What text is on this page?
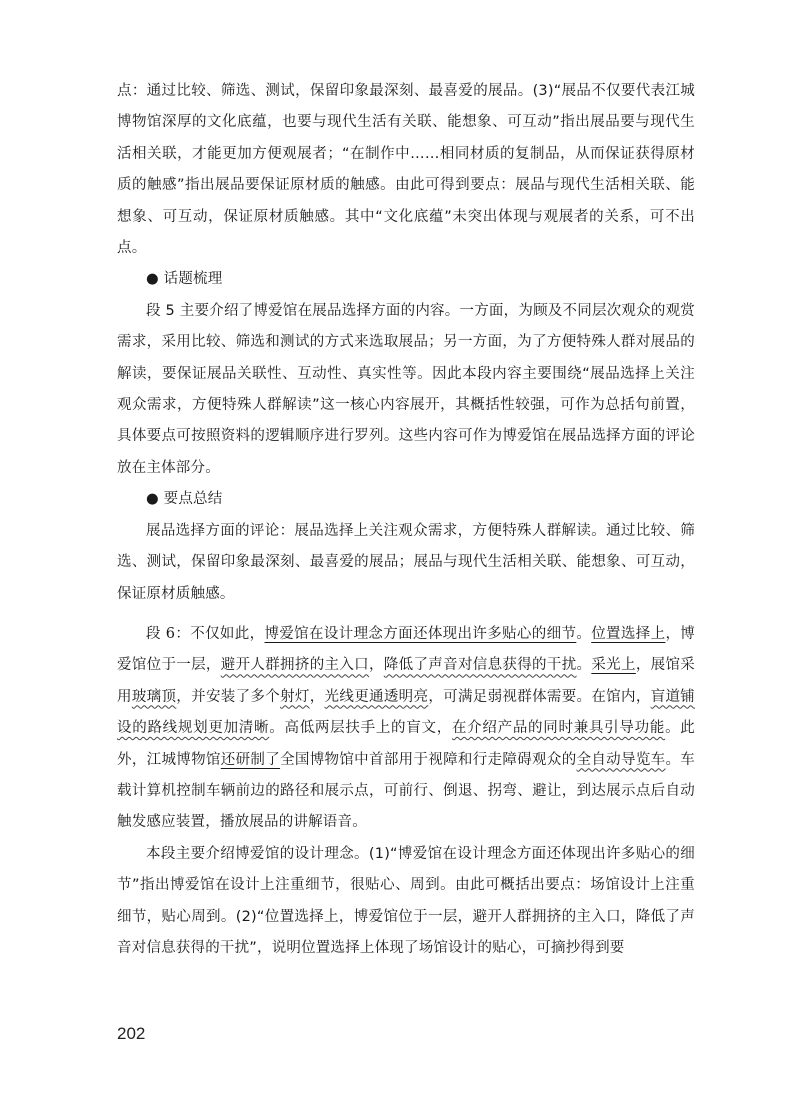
点：通过比较、筛选、测试，保留印象最深刻、最喜爱的展品。(3)“展品不仅要代表江城博物馆深厚的文化底蕴，也要与现代生活有关联、能想象、可互动”指出展品要与现代生活相关联，才能更加方便观展者；“在制作中……相同材质的复制品，从而保证获得原材质的触感”指出展品要保证原材质的触感。由此可得到要点：展品与现代生活相关联、能想象、可互动，保证原材质触感。其中“文化底蕴”未突出体现与观展者的关系，可不出点。

● 话题梳理

段 5 主要介绍了博爱馆在展品选择方面的内容。一方面，为顾及不同层次观众的观赏需求，采用比较、筛选和测试的方式来选取展品；另一方面，为了方便特殊人群对展品的解读，要保证展品关联性、互动性、真实性等。因此本段内容主要围绕“展品选择上关注观众需求，方便特殊人群解读”这一核心内容展开，其概括性较强，可作为总括句前置，具体要点可按照资料的逻辑顺序进行罗列。这些内容可作为博爱馆在展品选择方面的评论放在主体部分。

● 要点总结

展品选择方面的评论：展品选择上关注观众需求，方便特殊人群解读。通过比较、筛选、测试，保留印象最深刻、最喜爱的展品；展品与现代生活相关联、能想象、可互动，保证原材质触感。

段 6：不仅如此，博爱馆在设计理念方面还体现出许多贴心的细节。位置选择上，博爱馆位于一层，避开人群拥挤的主入口，降低了声音对信息获得的干扰。采光上，展馆采用玻璃顶，并安装了多个射灯，光线更通透明亮，可满足弱视群体需要。在馆内，盲道铺设的路线规划更加清晰。高低两层扶手上的盲文，在介绍产品的同时兼具引导功能。此外，江城博物馆还研制了全国博物馆中首部用于视障和行走障碍观众的全自动导览车。车载计算机控制车辆前边的路径和展示点，可前行、倒退、拐弯、避让，到达展示点后自动触发感应装置，播放展品的讲解语音。

本段主要介绍博爱馆的设计理念。(1)“博爱馆在设计理念方面还体现出许多贴心的细节”指出博爱馆在设计上注重细节，很贴心、周到。由此可概括出要点：场馆设计上注重细节，贴心周到。(2)“位置选择上，博爱馆位于一层，避开人群拥挤的主入口，降低了声音对信息获得的干扰”，说明位置选择上体现了场馆设计的贴心，可摘抄得到要

202
